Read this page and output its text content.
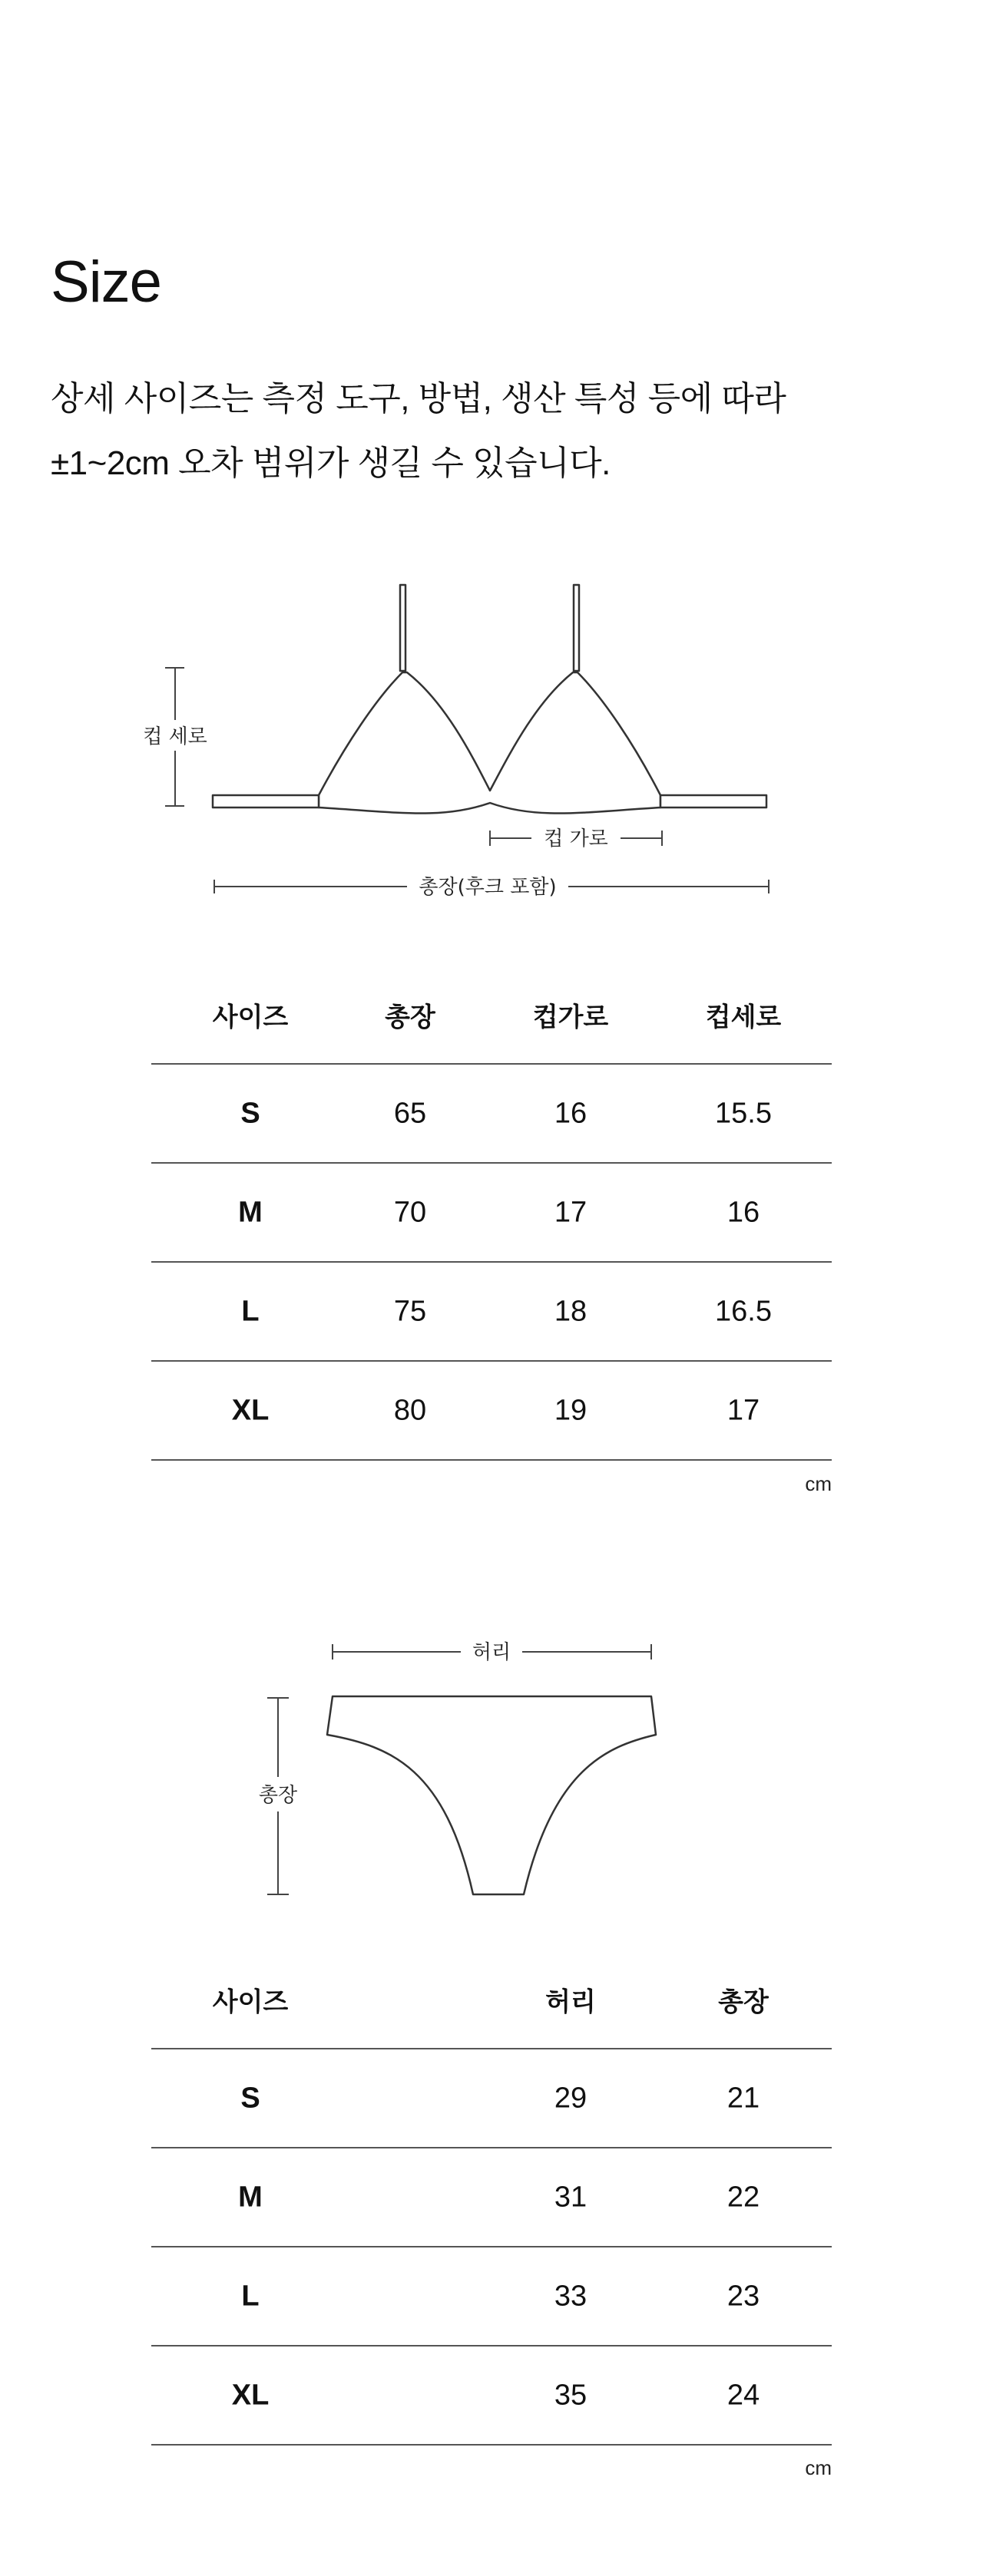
Size

상세 사이즈는 측정 도구, 방법, 생산 특성 등에 따라
±1~2cm 오차 범위가 생길 수 있습니다.

컵 세로
컵 가로
총장(후크 포함)
사이즈	총장	컵가로	컵세로
S	65	16	15.5
M	70	17	16
L	75	18	16.5
XL	80	19	17
cm
허리
총장
사이즈	허리	총장
S	29	21
M	31	22
L	33	23
XL	35	24
cm
